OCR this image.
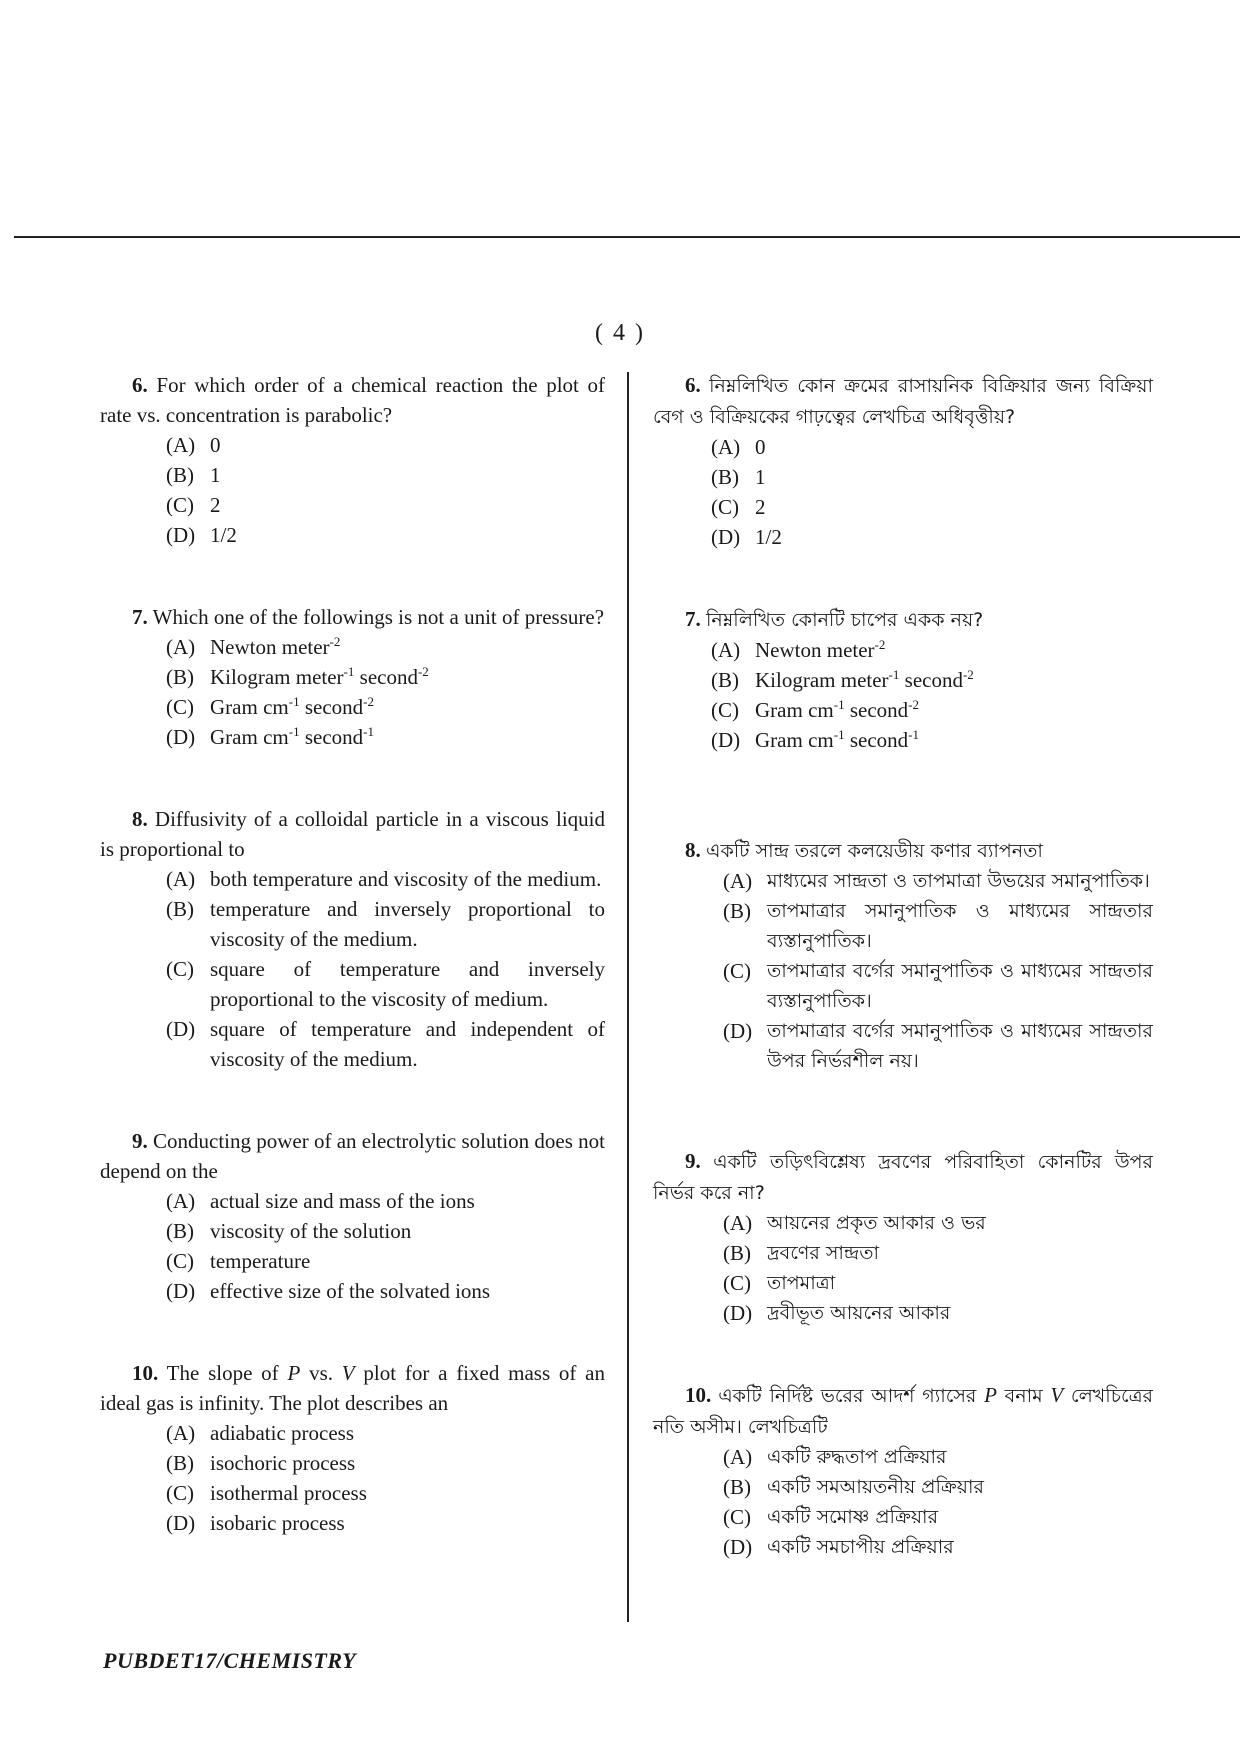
( 4 )
6. For which order of a chemical reaction the plot of rate vs. concentration is parabolic?
(A) 0
(B) 1
(C) 2
(D) 1/2
7. Which one of the followings is not a unit of pressure?
(A) Newton meter$^{-2}$
(B) Kilogram meter$^{-1}$ second$^{-2}$
(C) Gram $cm^{-1}$ second$^{-2}$
(D) Gram $cm^{-1}$ second$^{-1}$
8. Diffusivity of a colloidal particle in a viscous liquid is proportional to
(A) both temperature and viscosity of the medium.
(B) temperature and inversely proportional to viscosity of the medium.
(C) square of temperature and inversely proportional to the viscosity of medium.
(D) square of temperature and independent of viscosity of the medium.
9. Conducting power of an electrolytic solution does not depend on the
(A) actual size and mass of the ions
(B) viscosity of the solution
(C) temperature
(D) effective size of the solvated ions
10. The slope of P vs. V plot for a fixed mass of an ideal gas is infinity. The plot describes an
(A) adiabatic process
(B) isochoric process
(C) isothermal process
(D) isobaric process
6. নিম্নলিখিত কোন ক্রমের রাসায়নিক বিক্রিয়ার জন্য বিক্রিয়া বেগ ও বিক্রিয়কের গাঢ়ত্বের লেখচিত্র অধিবৃত্তীয়?
(A) 0
(B) 1
(C) 2
(D) 1/2
7. নিম্নলিখিত কোনটি চাপের একক নয়?
(A) Newton meter$^{-2}$
(B) Kilogram meter$^{-1}$ second$^{-2}$
(C) Gram $cm^{-1}$ second$^{-2}$
(D) Gram $cm^{-1}$ second$^{-1}$
8. একটি সান্দ্র তরলে কলয়েডীয় কণার ব্যাপনতা
(A) মাধ্যমের সান্দ্রতা ও তাপমাত্রা উভয়ের সমানুপাতিক।
(B) তাপমাত্রার সমানুপাতিক ও মাধ্যমের সান্দ্রতার ব্যস্তানুপাতিক।
(C) তাপমাত্রার বর্গের সমানুপাতিক ও মাধ্যমের সান্দ্রতার ব্যস্তানুপাতিক।
(D) তাপমাত্রার বর্গের সমানুপাতিক ও মাধ্যমের সান্দ্রতার উপর নির্ভরশীল নয়।
9. একটি তড়িৎবিশ্লেষ্য দ্রবণের পরিবাহিতা কোনটির উপর নির্ভর করে না?
(A) আয়নের প্রকৃত আকার ও ভর
(B) দ্রবণের সান্দ্রতা
(C) তাপমাত্রা
(D) দ্রবীভূত আয়নের আকার
10. একটি নির্দিষ্ট ভরের আদর্শ গ্যাসের P বনাম V লেখচিত্রের নতি অসীম। লেখচিত্রটি
(A) একটি রুদ্ধতাপ প্রক্রিয়ার
(B) একটি সমআয়তনীয় প্রক্রিয়ার
(C) একটি সমোষ্ণ প্রক্রিয়ার
(D) একটি সমচাপীয় প্রক্রিয়ার
PUBDET17/CHEMISTRY
